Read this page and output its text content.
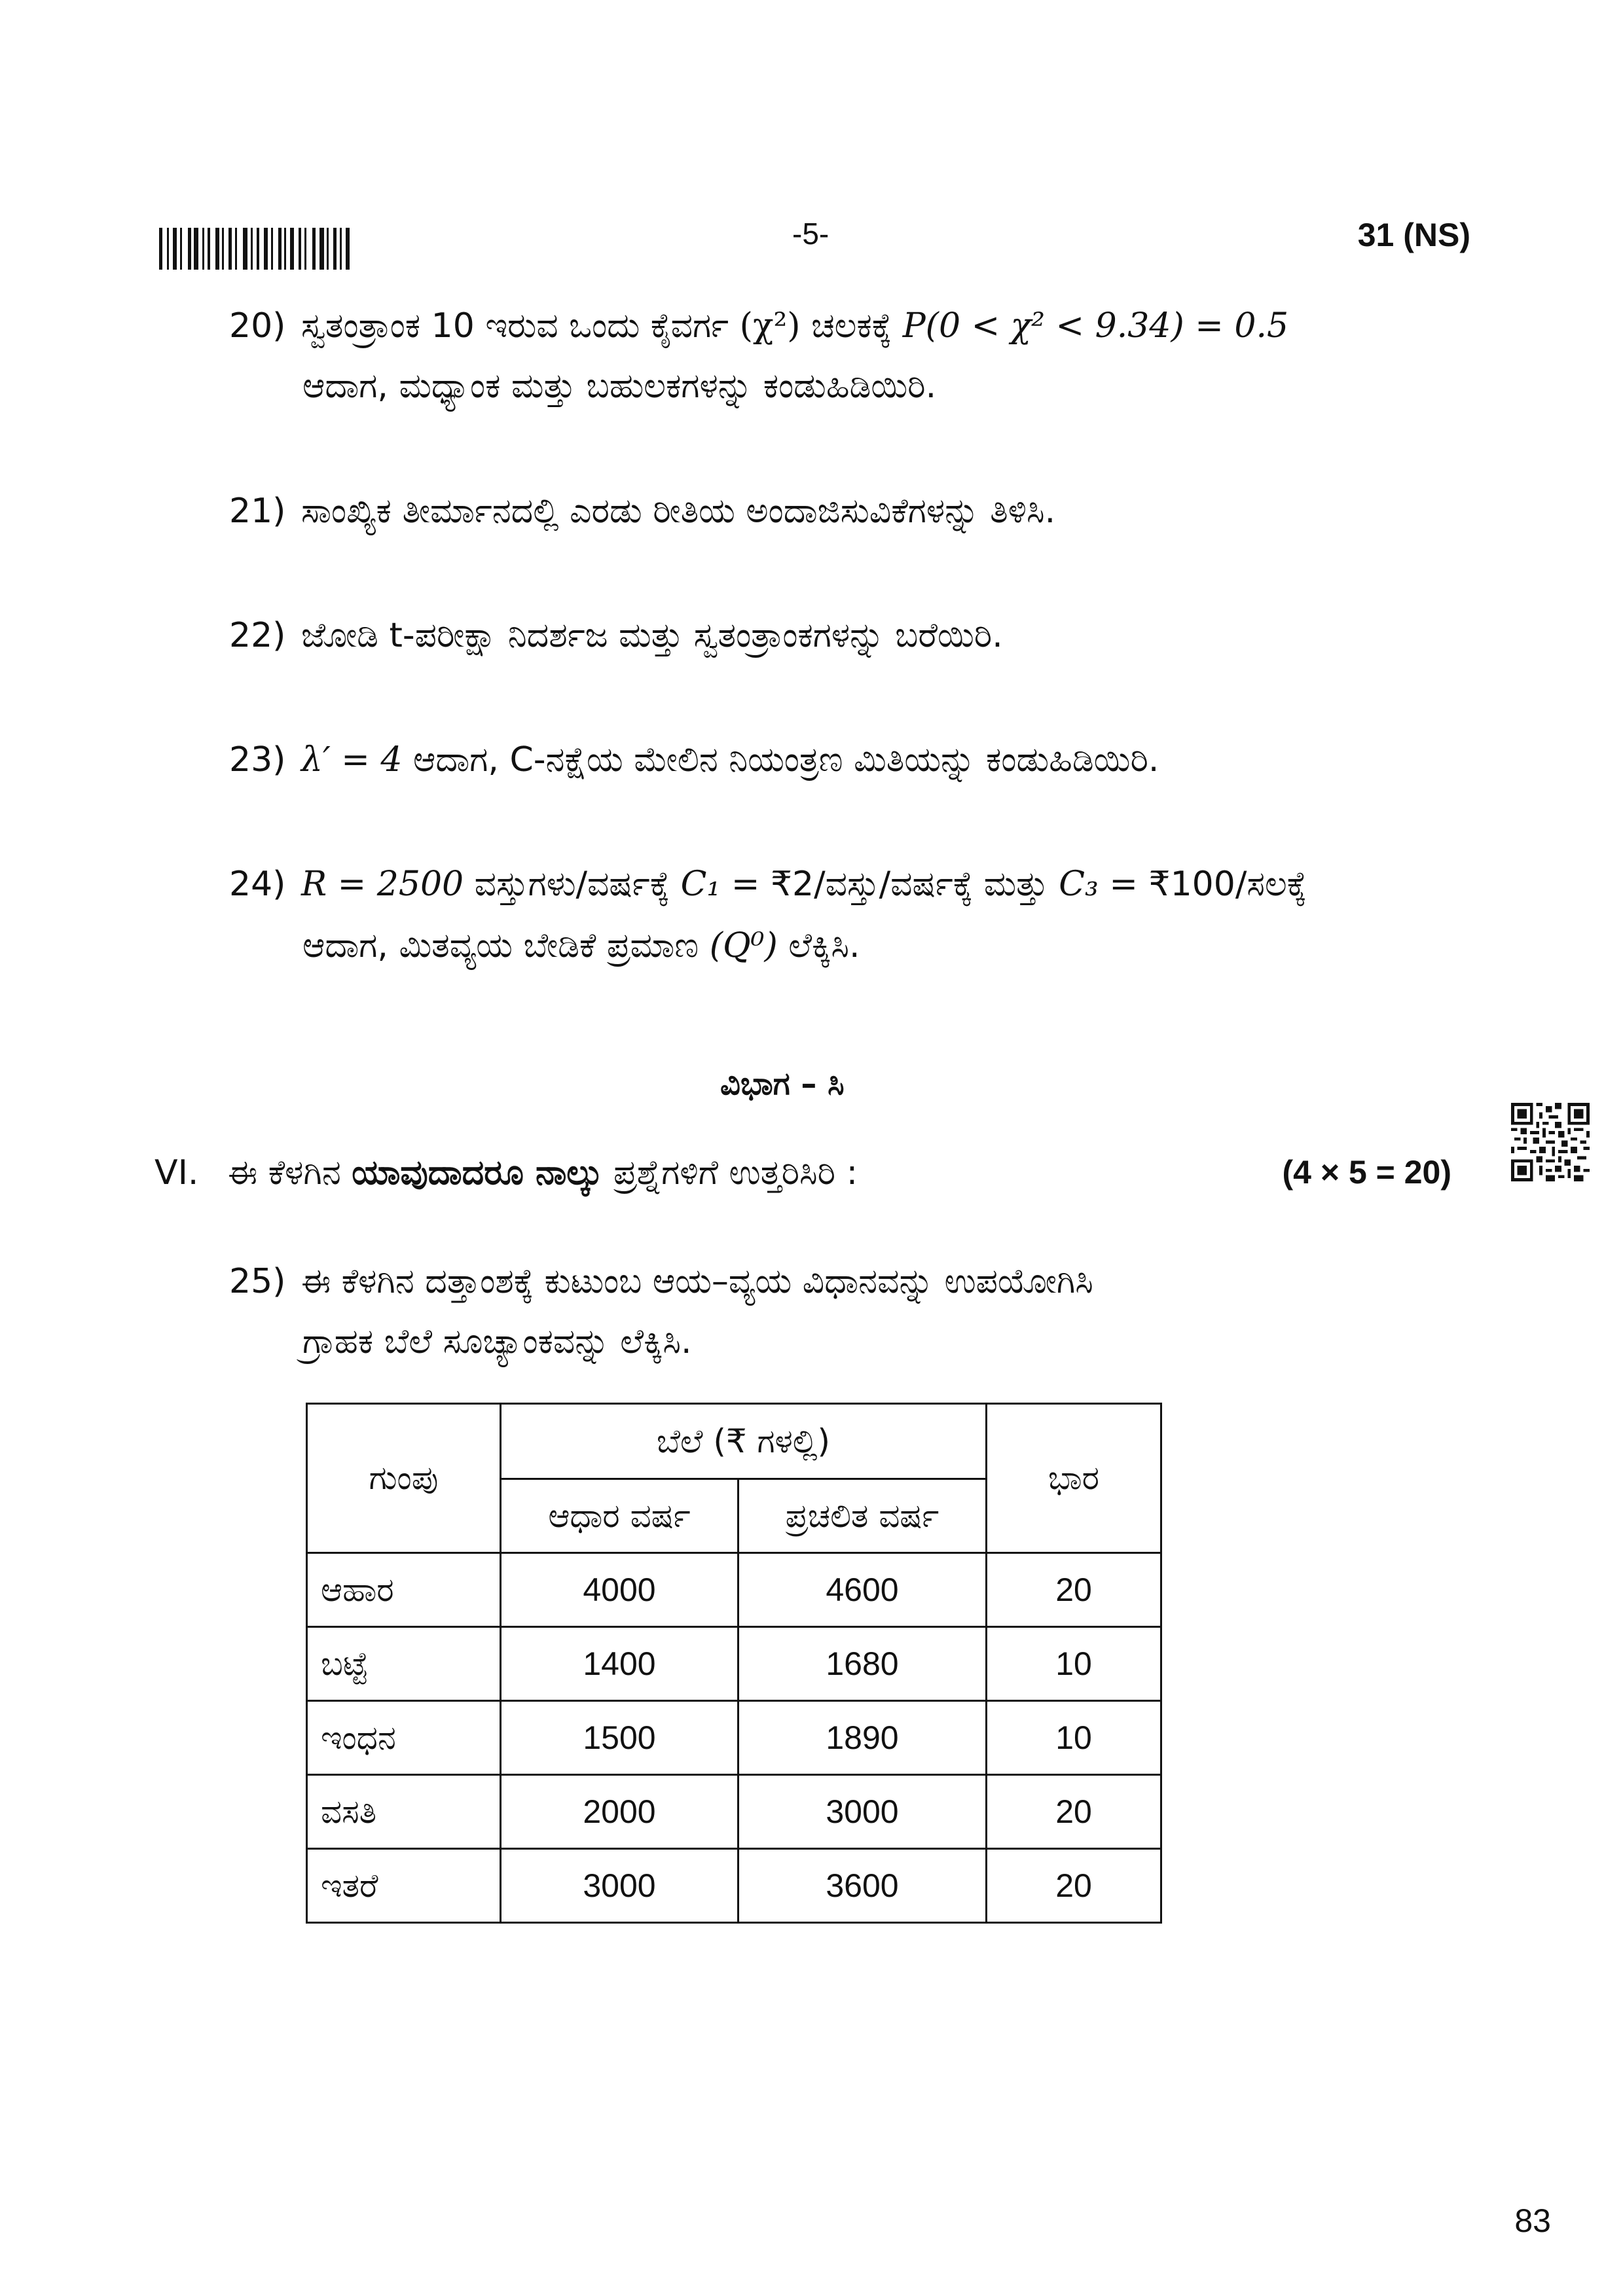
-5-	31 (NS)
20) ಸ್ವತಂತ್ರಾಂಕ 10 ಇರುವ ಒಂದು ಕೈವರ್ಗ (χ²) ಚಲಕಕ್ಕೆ P(0 < χ² < 9.34) = 0.5
ಆದಾಗ, ಮಧ್ಯಾಂಕ ಮತ್ತು ಬಹುಲಕಗಳನ್ನು ಕಂಡುಹಿಡಿಯಿರಿ.
21) ಸಾಂಖ್ಯಿಕ ತೀರ್ಮಾನದಲ್ಲಿ ಎರಡು ರೀತಿಯ ಅಂದಾಜಿಸುವಿಕೆಗಳನ್ನು ತಿಳಿಸಿ.
22) ಜೋಡಿ t-ಪರೀಕ್ಷಾ ನಿದರ್ಶಜ ಮತ್ತು ಸ್ವತಂತ್ರಾಂಕಗಳನ್ನು ಬರೆಯಿರಿ.
23) λ′ = 4 ಆದಾಗ, C-ನಕ್ಷೆಯ ಮೇಲಿನ ನಿಯಂತ್ರಣ ಮಿತಿಯನ್ನು ಕಂಡುಹಿಡಿಯಿರಿ.
24) R = 2500 ವಸ್ತುಗಳು/ವರ್ಷಕ್ಕೆ C₁ = ₹2/ವಸ್ತು/ವರ್ಷಕ್ಕೆ ಮತ್ತು C₃ = ₹100/ಸಲಕ್ಕೆ
ಆದಾಗ, ಮಿತವ್ಯಯ ಬೇಡಿಕೆ ಪ್ರಮಾಣ (Q⁰) ಲೆಕ್ಕಿಸಿ.
ವಿಭಾಗ – ಸಿ
VI. ಈ ಕೆಳಗಿನ ಯಾವುದಾದರೂ ನಾಲ್ಕು ಪ್ರಶ್ನೆಗಳಿಗೆ ಉತ್ತರಿಸಿರಿ :	(4 × 5 = 20)
25) ಈ ಕೆಳಗಿನ ದತ್ತಾಂಶಕ್ಕೆ ಕುಟುಂಬ ಆಯ–ವ್ಯಯ ವಿಧಾನವನ್ನು ಉಪಯೋಗಿಸಿ
ಗ್ರಾಹಕ ಬೆಲೆ ಸೂಚ್ಯಾಂಕವನ್ನು ಲೆಕ್ಕಿಸಿ.
ಗುಂಪು	ಬೆಲೆ (₹ ಗಳಲ್ಲಿ)		ಭಾರ
	ಆಧಾರ ವರ್ಷ	ಪ್ರಚಲಿತ ವರ್ಷ	
ಆಹಾರ	4000	4600	20
ಬಟ್ಟೆ	1400	1680	10
ಇಂಧನ	1500	1890	10
ವಸತಿ	2000	3000	20
ಇತರೆ	3000	3600	20
83
